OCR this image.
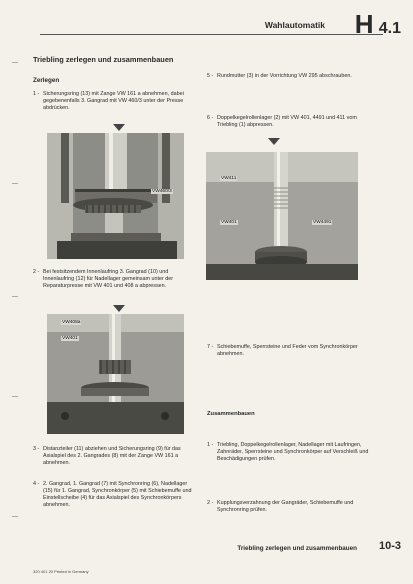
Wahlautomatik H 4.1
Triebling zerlegen und zusammenbauen
Zerlegen
1 - Sicherungsring (13) mit Zange VW 161 a abnehmen, dabei gegebenenfalls 3. Gangrad mit VW 460/3 unter der Presse abdrücken.
VW460/3
2 - Bei festsitzendem Innenlaufring 3. Gangrad (10) und Innenlaufring (12) für Nadellager gemeinsam unter der Reparaturpresse mit VW 401 und 408 a abpressen.
VW408a
VW401
3 - Distanzteiler (11) abziehen und Sicherungsring (9) für das Axialspiel des 2. Gangrades (8) mit der Zange VW 161 a abnehmen.
4 - 2. Gangrad, 1. Gangrad (7) mit Synchronring (6), Nadellager (15) für 1. Gangrad, Synchronkörper (5) mit Schiebemuffe und Einstellscheibe (4) für das Axialspiel des Synchronkörpers abnehmen.
5 - Rundmutter (3) in der Vorrichtung VW 295 abschrauben.
6 - Doppelkegelrollenlager (2) mit VW 401, 4491 und 411 vom Triebling (1) abpressen.
VW411
VW401	VW4491
7 - Schiebemuffe, Sperrsteine und Feder vom Synchronkörper abnehmen.
Zusammenbauen
1 - Triebling, Doppelkegelrollenlager, Nadellager mit Laufringen, Zahnräder, Sperrsteine und Synchronkörper auf Verschleiß und Beschädigungen prüfen.
2 - Kupplungsverzahnung der Gangräder, Schiebemuffe und Synchronring prüfen.
Triebling zerlegen und zusammenbauen 10-3
320 401 20 Printed in Germany
